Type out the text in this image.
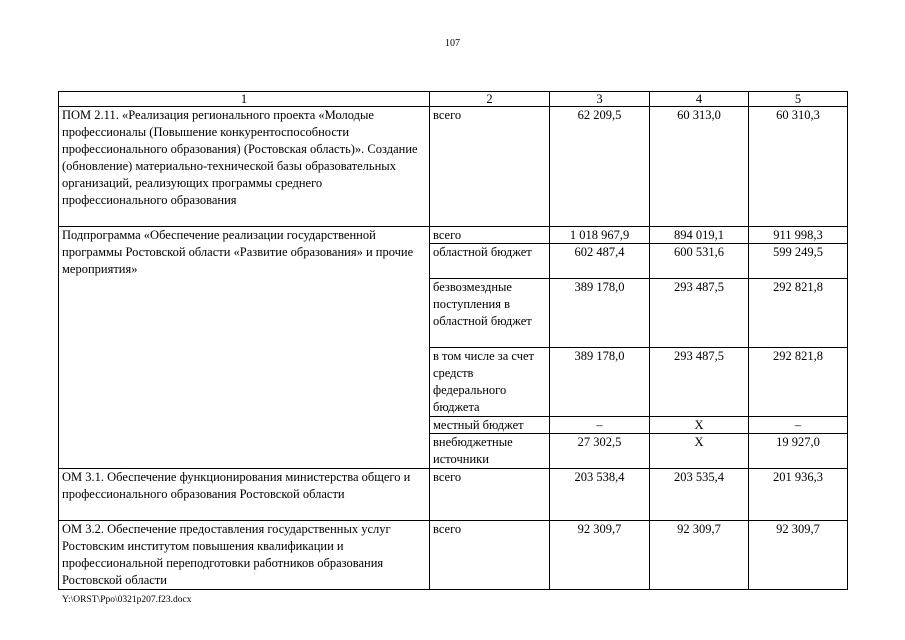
107
1	2	3	4	5
ПОМ 2.11. «Реализация регионального проекта «Молодые профессионалы (Повышение конкурентоспособности профессионального образования) (Ростовская область)». Создание (обновление) материально-технической базы образовательных организаций, реализующих программы среднего профессионального образования	всего	62 209,5	60 313,0	60 310,3
Подпрограмма «Обеспечение реализации государственной программы Ростовской области «Развитие образования» и прочие мероприятия»	всего	1 018 967,9	894 019,1	911 998,3
	областной бюджет	602 487,4	600 531,6	599 249,5
	безвозмездные поступления в областной бюджет	389 178,0	293 487,5	292 821,8
	в том числе за счет средств федерального бюджета	389 178,0	293 487,5	292 821,8
	местный бюджет	–	Х	–
	внебюджетные источники	27 302,5	Х	19 927,0
ОМ 3.1. Обеспечение функционирования министерства общего и профессионального образования Ростовской области	всего	203 538,4	203 535,4	201 936,3
ОМ 3.2. Обеспечение предоставления государственных услуг Ростовским институтом повышения квалификации и профессиональной переподготовки работников образования Ростовской области	всего	92 309,7	92 309,7	92 309,7
Y:\ORST\Ppo\0321p207.f23.docx
